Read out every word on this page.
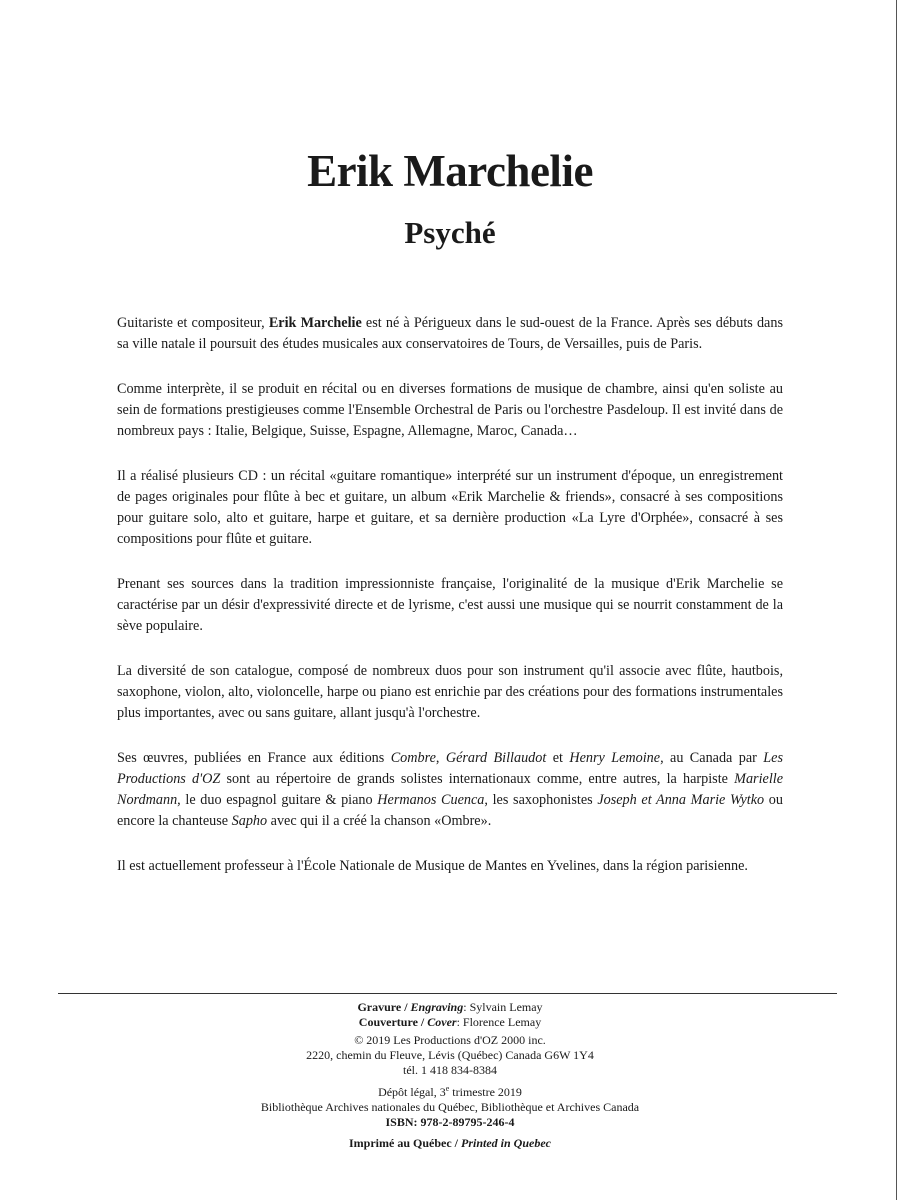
Erik Marchelie
Psyché

Guitariste et compositeur, Erik Marchelie est né à Périgueux dans le sud-ouest de la France. Après ses débuts dans sa ville natale il poursuit des études musicales aux conservatoires de Tours, de Versailles, puis de Paris.

Comme interprète, il se produit en récital ou en diverses formations de musique de chambre, ainsi qu'en soliste au sein de formations prestigieuses comme l'Ensemble Orchestral de Paris ou l'orchestre Pasdeloup. Il est invité dans de nombreux pays : Italie, Belgique, Suisse, Espagne, Allemagne, Maroc, Canada…

Il a réalisé plusieurs CD : un récital «guitare romantique» interprété sur un instrument d'époque, un enregistrement de pages originales pour flûte à bec et guitare, un album «Erik Marchelie & friends», consacré à ses compositions pour guitare solo, alto et guitare, harpe et guitare, et sa dernière production «La Lyre d'Orphée», consacré à ses compositions pour flûte et guitare.

Prenant ses sources dans la tradition impressionniste française, l'originalité de la musique d'Erik Marchelie se caractérise par un désir d'expressivité directe et de lyrisme, c'est aussi une musique qui se nourrit constamment de la sève populaire.

La diversité de son catalogue, composé de nombreux duos pour son instrument qu'il associe avec flûte, hautbois, saxophone, violon, alto, violoncelle, harpe ou piano est enrichie par des créations pour des formations instrumentales plus importantes, avec ou sans guitare, allant jusqu'à l'orchestre.

Ses œuvres, publiées en France aux éditions Combre, Gérard Billaudot et Henry Lemoine, au Canada par Les Productions d'OZ sont au répertoire de grands solistes internationaux comme, entre autres, la harpiste Marielle Nordmann, le duo espagnol guitare & piano Hermanos Cuenca, les saxophonistes Joseph et Anna Marie Wytko ou encore la chanteuse Sapho avec qui il a créé la chanson «Ombre».

Il est actuellement professeur à l'École Nationale de Musique de Mantes en Yvelines, dans la région parisienne.

Gravure / Engraving: Sylvain Lemay
Couverture / Cover: Florence Lemay
© 2019 Les Productions d'OZ 2000 inc.
2220, chemin du Fleuve, Lévis (Québec) Canada G6W 1Y4
tél. 1 418 834-8384
Dépôt légal, 3e trimestre 2019
Bibliothèque Archives nationales du Québec, Bibliothèque et Archives Canada
ISBN: 978-2-89795-246-4
Imprimé au Québec / Printed in Quebec
